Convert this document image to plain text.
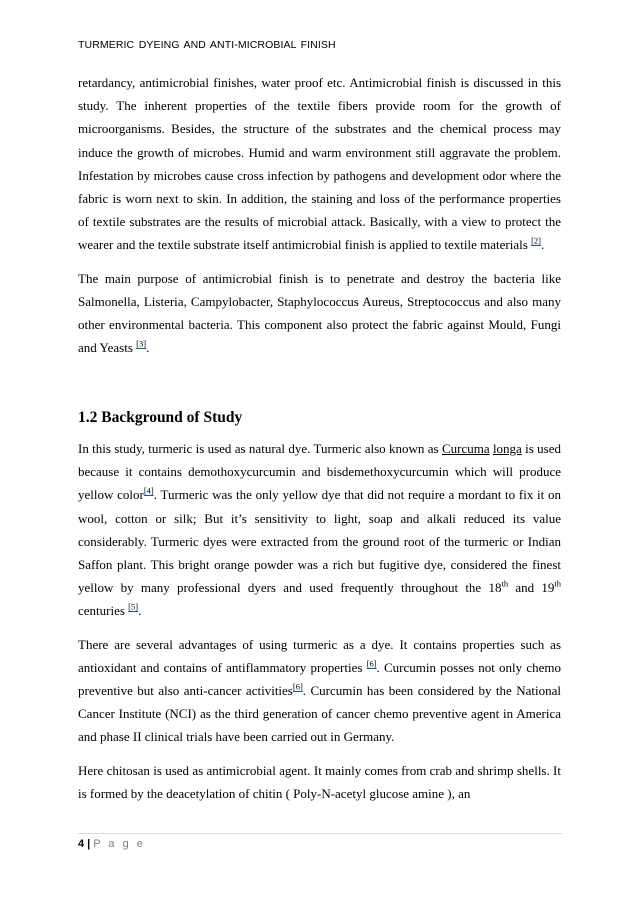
TURMERIC DYEING AND ANTI-MICROBIAL FINISH

retardancy, antimicrobial finishes, water proof etc. Antimicrobial finish is discussed in this study. The inherent properties of the textile fibers provide room for the growth of microorganisms. Besides, the structure of the substrates and the chemical process may induce the growth of microbes. Humid and warm environment still aggravate the problem. Infestation by microbes cause cross infection by pathogens and development odor where the fabric is worn next to skin. In addition, the staining and loss of the performance properties of textile substrates are the results of microbial attack. Basically, with a view to protect the wearer and the textile substrate itself antimicrobial finish is applied to textile materials [2].

The main purpose of antimicrobial finish is to penetrate and destroy the bacteria like Salmonella, Listeria, Campylobacter, Staphylococcus Aureus, Streptococcus and also many other environmental bacteria. This component also protect the fabric against Mould, Fungi and Yeasts [3].

1.2 Background of Study

In this study, turmeric is used as natural dye. Turmeric also known as Curcuma longa is used because it contains demothoxycurcumin and bisdemethoxycurcumin which will produce yellow color[4]. Turmeric was the only yellow dye that did not require a mordant to fix it on wool, cotton or silk; But it’s sensitivity to light, soap and alkali reduced its value considerably. Turmeric dyes were extracted from the ground root of the turmeric or Indian Saffon plant. This bright orange powder was a rich but fugitive dye, considered the finest yellow by many professional dyers and used frequently throughout the 18th and 19th centuries [5].

There are several advantages of using turmeric as a dye. It contains properties such as antioxidant and contains of antiflammatory properties [6]. Curcumin posses not only chemo preventive but also anti-cancer activities[6]. Curcumin has been considered by the National Cancer Institute (NCI) as the third generation of cancer chemo preventive agent in America and phase II clinical trials have been carried out in Germany.

Here chitosan is used as antimicrobial agent. It mainly comes from crab and shrimp shells. It is formed by the deacetylation of chitin ( Poly-N-acetyl glucose amine ), an

4 | P a g e
